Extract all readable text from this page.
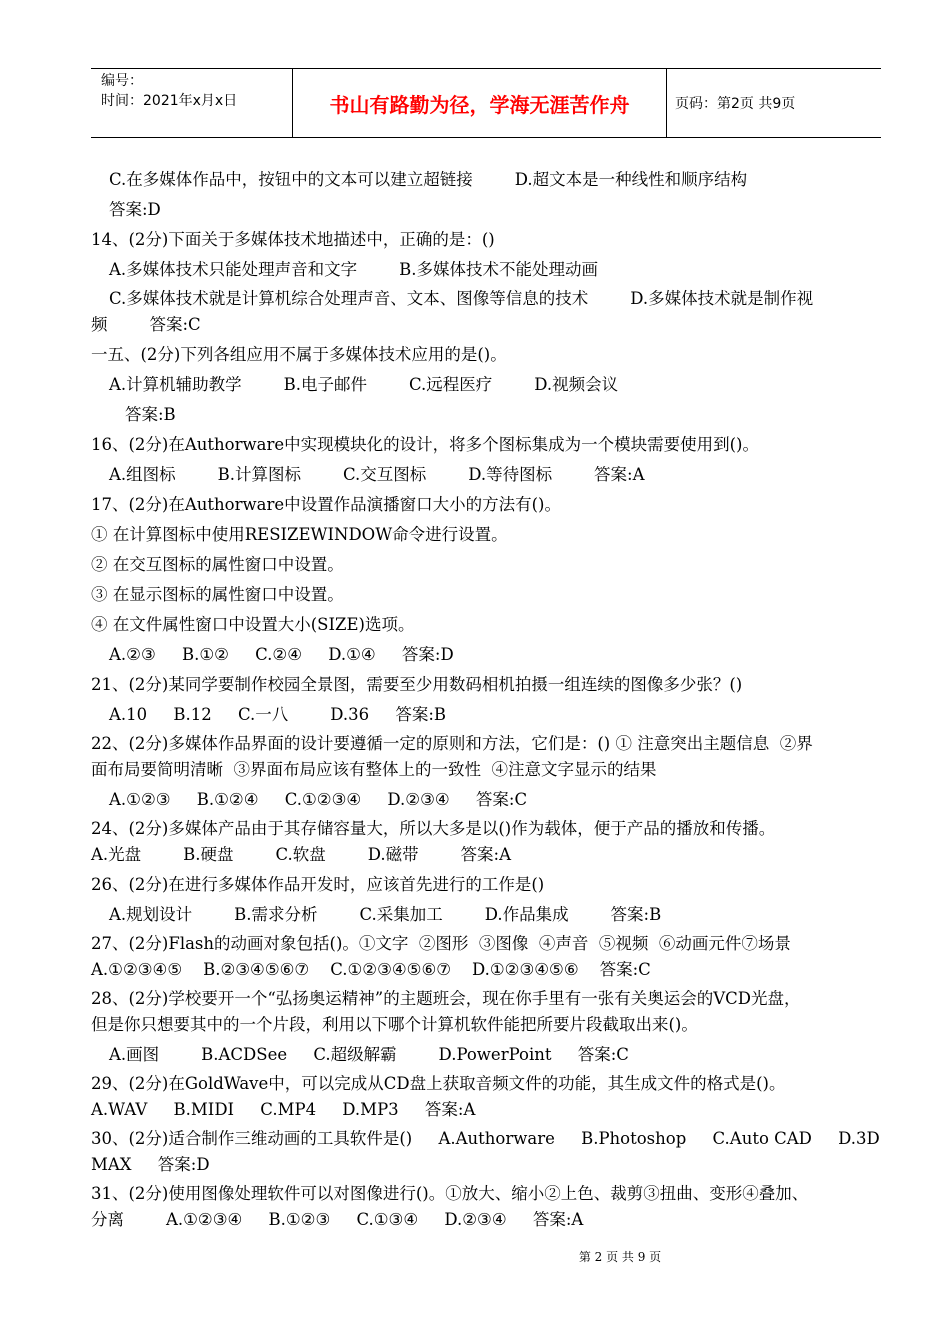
编号：
时间：2021年x月x日	书山有路勤为径，学海无涯苦作舟	页码：第2页 共9页
C.在多媒体作品中，按钮中的文本可以建立超链接        D.超文本是一种线性和顺序结构
答案:D
14、(2分)下面关于多媒体技术地描述中，正确的是：()
A.多媒体技术只能处理声音和文字        B.多媒体技术不能处理动画
C.多媒体技术就是计算机综合处理声音、文本、图像等信息的技术        D.多媒体技术就是制作视
频        答案:C
一五、(2分)下列各组应用不属于多媒体技术应用的是()。
A.计算机辅助教学        B.电子邮件        C.远程医疗        D.视频会议
答案:B
16、(2分)在Authorware中实现模块化的设计，将多个图标集成为一个模块需要使用到()。
A.组图标        B.计算图标        C.交互图标        D.等待图标        答案:A
17、(2分)在Authorware中设置作品演播窗口大小的方法有()。
① 在计算图标中使用RESIZEWINDOW命令进行设置。
② 在交互图标的属性窗口中设置。
③ 在显示图标的属性窗口中设置。
④ 在文件属性窗口中设置大小(SIZE)选项。
A.②③     B.①②     C.②④     D.①④     答案:D
21、(2分)某同学要制作校园全景图，需要至少用数码相机拍摄一组连续的图像多少张？()
A.10     B.12     C.一八        D.36     答案:B
22、(2分)多媒体作品界面的设计要遵循一定的原则和方法，它们是：() ① 注意突出主题信息  ②界
面布局要简明清晰  ③界面布局应该有整体上的一致性  ④注意文字显示的结果
A.①②③     B.①②④     C.①②③④     D.②③④     答案:C
24、(2分)多媒体产品由于其存储容量大，所以大多是以()作为载体，便于产品的播放和传播。
A.光盘        B.硬盘        C.软盘        D.磁带        答案:A
26、(2分)在进行多媒体作品开发时，应该首先进行的工作是()
A.规划设计        B.需求分析        C.采集加工        D.作品集成        答案:B
27、(2分)Flash的动画对象包括()。①文字  ②图形  ③图像  ④声音  ⑤视频  ⑥动画元件⑦场景
A.①②③④⑤    B.②③④⑤⑥⑦    C.①②③④⑤⑥⑦    D.①②③④⑤⑥    答案:C
28、(2分)学校要开一个“弘扬奥运精神”的主题班会，现在你手里有一张有关奥运会的VCD光盘，
但是你只想要其中的一个片段，利用以下哪个计算机软件能把所要片段截取出来()。
A.画图        B.ACDSee     C.超级解霸        D.PowerPoint     答案:C
29、(2分)在GoldWave中，可以完成从CD盘上获取音频文件的功能，其生成文件的格式是()。
A.WAV     B.MIDI     C.MP4     D.MP3     答案:A
30、(2分)适合制作三维动画的工具软件是()     A.Authorware     B.Photoshop     C.Auto CAD     D.3D
MAX     答案:D
31、(2分)使用图像处理软件可以对图像进行()。①放大、缩小②上色、裁剪③扭曲、变形④叠加、
分离        A.①②③④     B.①②③     C.①③④     D.②③④     答案:A
第 2 页 共 9 页
